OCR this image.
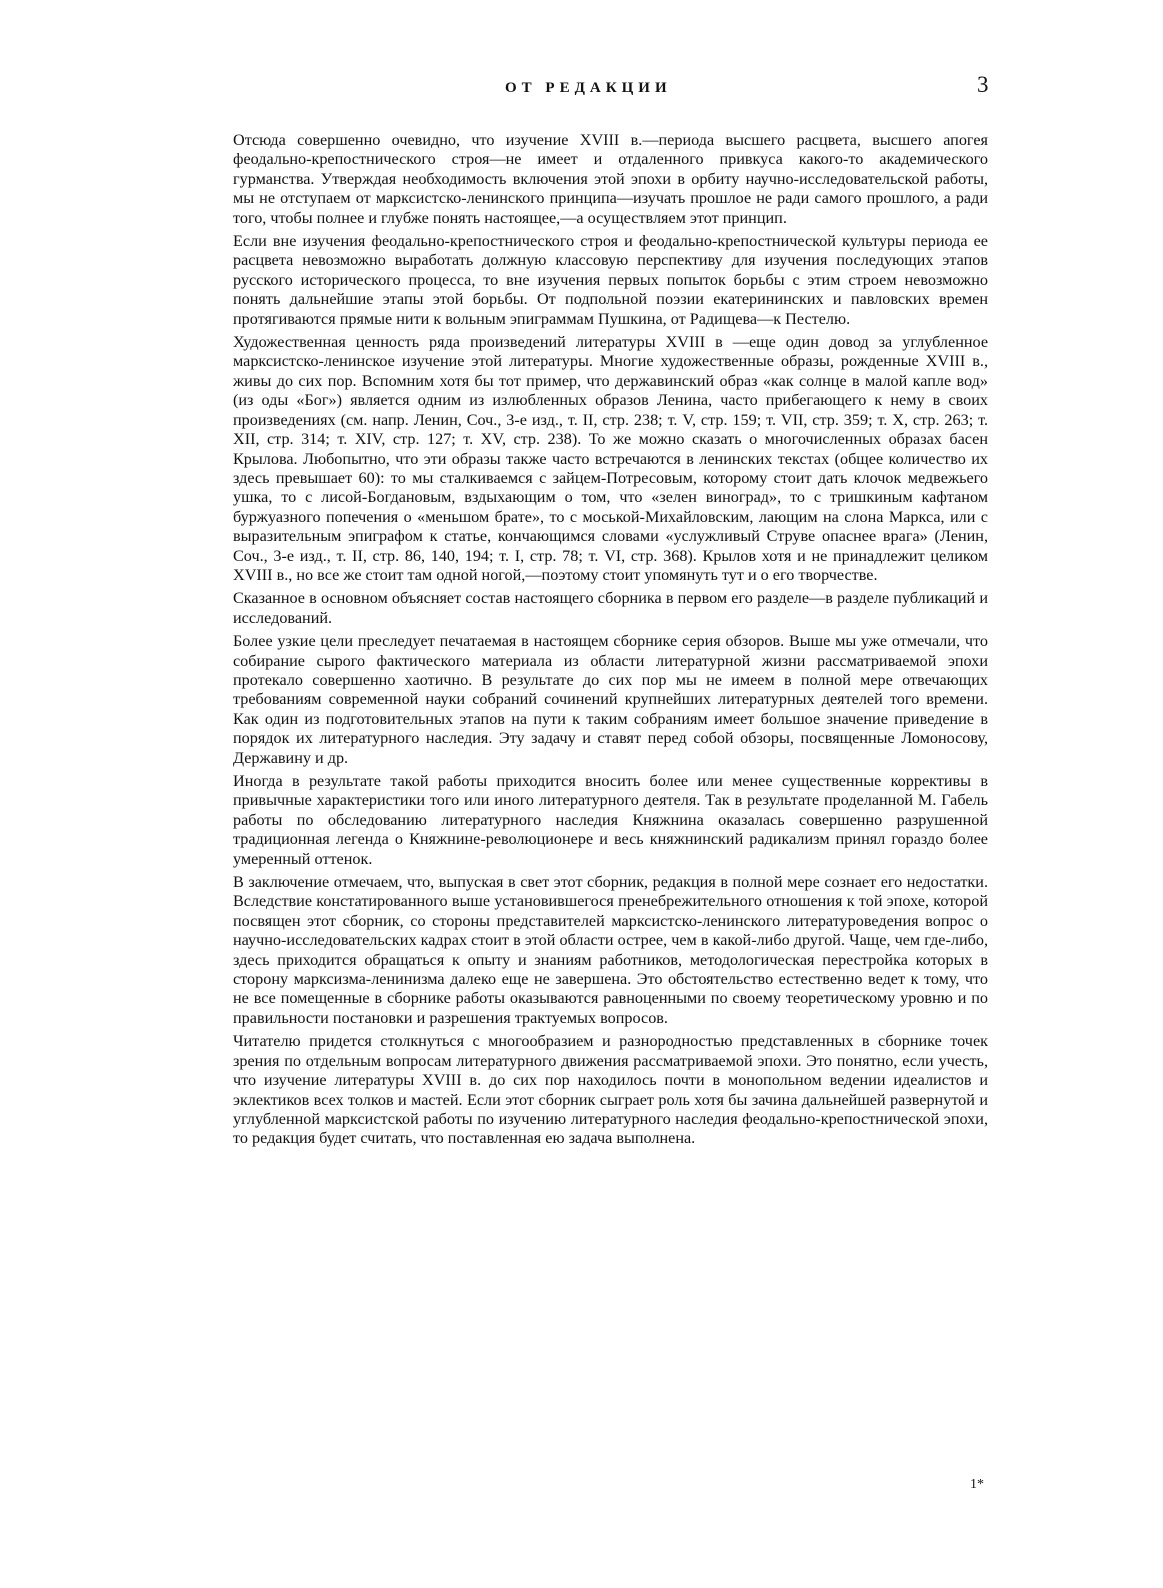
ОТ РЕДАКЦИИ	3

Отсюда совершенно очевидно, что изучение XVIII в.—периода высшего расцвета, высшего апогея феодально-крепостнического строя—не имеет и отдаленного привкуса какого-то академического гурманства. Утверждая необходимость включения этой эпохи в орбиту научно-исследовательской работы, мы не отступаем от марксистско-ленинского принципа—изучать прошлое не ради самого прошлого, а ради того, чтобы полнее и глубже понять настоящее,—а осуществляем этот принцип.

Если вне изучения феодально-крепостнического строя и феодально-крепостнической культуры периода ее расцвета невозможно выработать должную классовую перспективу для изучения последующих этапов русского исторического процесса, то вне изучения первых попыток борьбы с этим строем невозможно понять дальнейшие этапы этой борьбы. От подпольной поэзии екатерининских и павловских времен протягиваются прямые нити к вольным эпиграммам Пушкина, от Радищева—к Пестелю.

Художественная ценность ряда произведений литературы XVIII в —еще один довод за углубленное марксистско-ленинское изучение этой литературы. Многие художественные образы, рожденные XVIII в., живы до сих пор. Вспомним хотя бы тот пример, что державинский образ «как солнце в малой капле вод» (из оды «Бог») является одним из излюбленных образов Ленина, часто прибегающего к нему в своих произведениях (см. напр. Ленин, Соч., 3-е изд., т. II, стр. 238; т. V, стр. 159; т. VII, стр. 359; т. X, стр. 263; т. XII, стр. 314; т. XIV, стр. 127; т. XV, стр. 238). То же можно сказать о многочисленных образах басен Крылова. Любопытно, что эти образы также часто встречаются в ленинских текстах (общее количество их здесь превышает 60): то мы сталкиваемся с зайцем-Потресовым, которому стоит дать клочок медвежьего ушка, то с лисой-Богдановым, вздыхающим о том, что «зелен виноград», то с тришкиным кафтаном буржуазного попечения о «меньшом брате», то с моськой-Михайловским, лающим на слона Маркса, или с выразительным эпиграфом к статье, кончающимся словами «услужливый Струве опаснее врага» (Ленин, Соч., 3-е изд., т. II, стр. 86, 140, 194; т. I, стр. 78; т. VI, стр. 368). Крылов хотя и не принадлежит целиком XVIII в., но все же стоит там одной ногой,—поэтому стоит упомянуть тут и о его творчестве.

Сказанное в основном объясняет состав настоящего сборника в первом его разделе—в разделе публикаций и исследований.

Более узкие цели преследует печатаемая в настоящем сборнике серия обзоров. Выше мы уже отмечали, что собирание сырого фактического материала из области литературной жизни рассматриваемой эпохи протекало совершенно хаотично. В результате до сих пор мы не имеем в полной мере отвечающих требованиям современной науки собраний сочинений крупнейших литературных деятелей того времени. Как один из подготовительных этапов на пути к таким собраниям имеет большое значение приведение в порядок их литературного наследия. Эту задачу и ставят перед собой обзоры, посвященные Ломоносову, Державину и др.

Иногда в результате такой работы приходится вносить более или менее существенные коррективы в привычные характеристики того или иного литературного деятеля. Так в результате проделанной М. Габель работы по обследованию литературного наследия Княжнина оказалась совершенно разрушенной традиционная легенда о Княжнине-революционере и весь княжнинский радикализм принял гораздо более умеренный оттенок.

В заключение отмечаем, что, выпуская в свет этот сборник, редакция в полной мере сознает его недостатки. Вследствие констатированного выше установившегося пренебрежительного отношения к той эпохе, которой посвящен этот сборник, со стороны представителей марксистско-ленинского литературоведения вопрос о научно-исследовательских кадрах стоит в этой области острее, чем в какой-либо другой. Чаще, чем где-либо, здесь приходится обращаться к опыту и знаниям работников, методологическая перестройка которых в сторону марксизма-ленинизма далеко еще не завершена. Это обстоятельство естественно ведет к тому, что не все помещенные в сборнике работы оказываются равноценными по своему теоретическому уровню и по правильности постановки и разрешения трактуемых вопросов.

Читателю придется столкнуться с многообразием и разнородностью представленных в сборнике точек зрения по отдельным вопросам литературного движения рассматриваемой эпохи. Это понятно, если учесть, что изучение литературы XVIII в. до сих пор находилось почти в монопольном ведении идеалистов и эклектиков всех толков и мастей. Если этот сборник сыграет роль хотя бы зачина дальнейшей развернутой и углубленной марксистской работы по изучению литературного наследия феодально-крепостнической эпохи, то редакция будет считать, что поставленная ею задача выполнена.

1*
